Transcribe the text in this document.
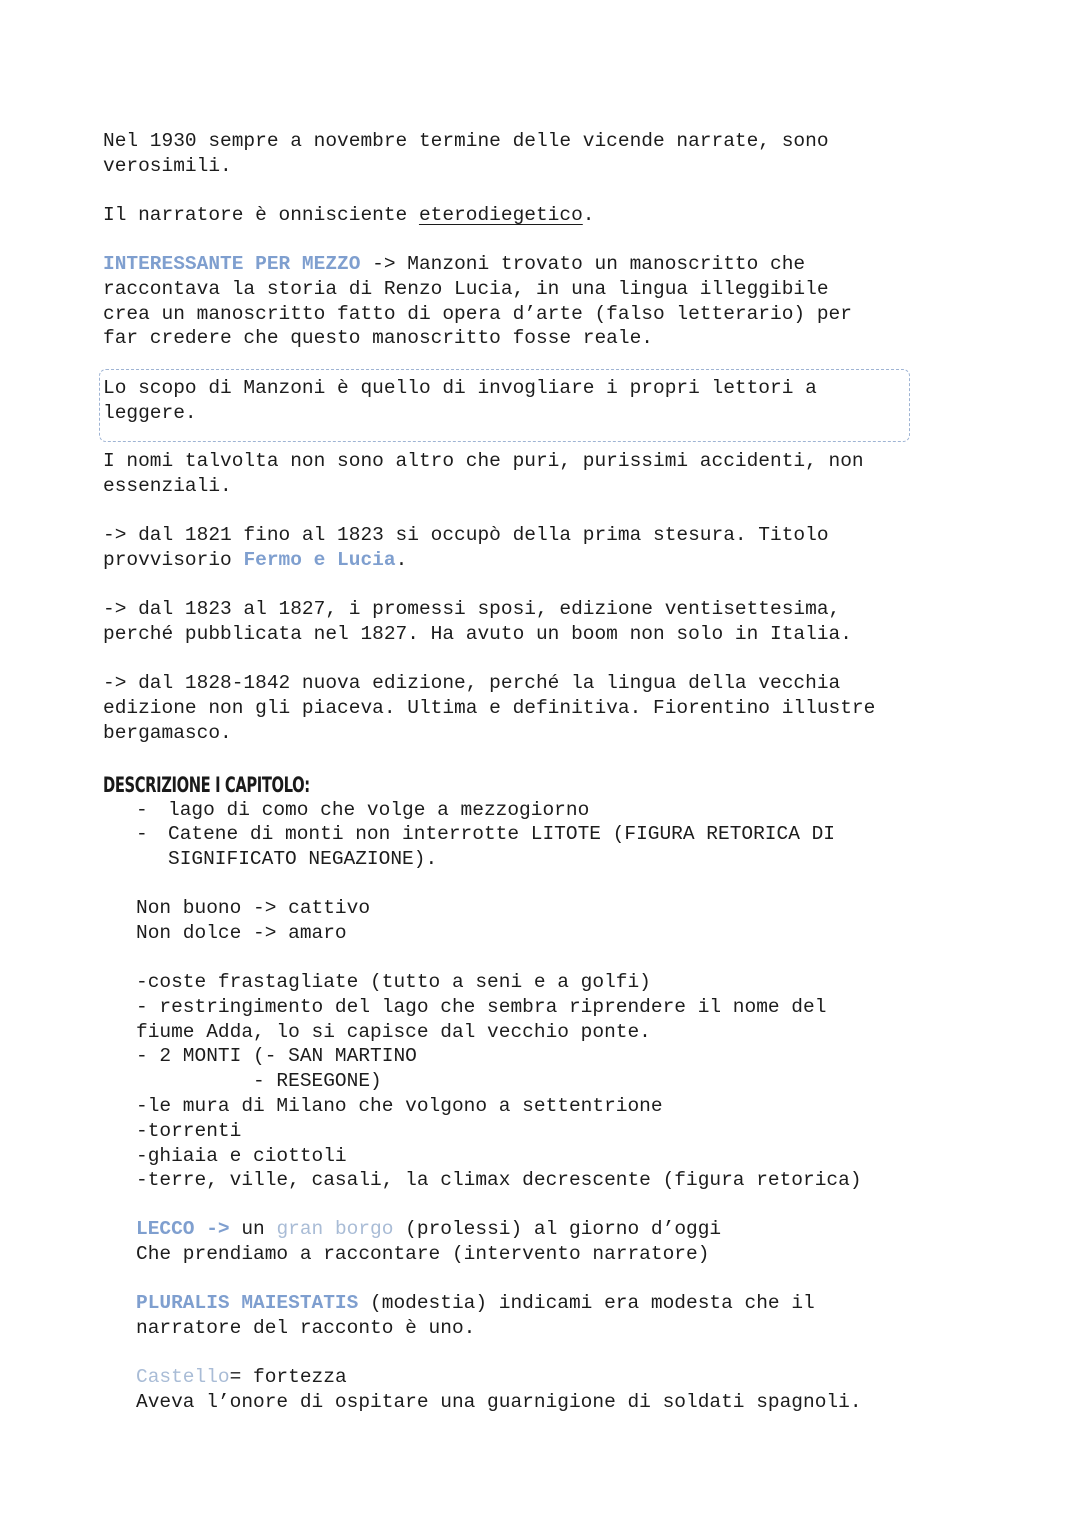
Nel 1930 sempre a novembre termine delle vicende narrate, sono
verosimili.
Il narratore è onnisciente eterodiegetico.
INTERESSANTE PER MEZZO -> Manzoni trovato un manoscritto che
raccontava la storia di Renzo Lucia, in una lingua illeggibile
crea un manoscritto fatto di opera d’arte (falso letterario) per
far credere che questo manoscritto fosse reale.
Lo scopo di Manzoni è quello di invogliare i propri lettori a
leggere.
I nomi talvolta non sono altro che puri, purissimi accidenti, non
essenziali.
-> dal 1821 fino al 1823 si occupò della prima stesura. Titolo
provvisorio Fermo e Lucia.
-> dal 1823 al 1827, i promessi sposi, edizione ventisettesima,
perché pubblicata nel 1827. Ha avuto un boom non solo in Italia.
-> dal 1828-1842 nuova edizione, perché la lingua della vecchia
edizione non gli piaceva. Ultima e definitiva. Fiorentino illustre
bergamasco.
DESCRIZIONE I CAPITOLO:
- lago di como che volge a mezzogiorno
- Catene di monti non interrotte LITOTE (FIGURA RETORICA DI
SIGNIFICATO NEGAZIONE).
Non buono -> cattivo
Non dolce -> amaro
-coste frastagliate (tutto a seni e a golfi)
- restringimento del lago che sembra riprendere il nome del
fiume Adda, lo si capisce dal vecchio ponte.
- 2 MONTI (- SAN MARTINO
- RESEGONE)
-le mura di Milano che volgono a settentrione
-torrenti
-ghiaia e ciottoli
-terre, ville, casali, la climax decrescente (figura retorica)
LECCO -> un gran borgo (prolessi) al giorno d’oggi
Che prendiamo a raccontare (intervento narratore)
PLURALIS MAIESTATIS (modestia) indicami era modesta che il
narratore del racconto è uno.
Castello= fortezza
Aveva l’onore di ospitare una guarnigione di soldati spagnoli.
